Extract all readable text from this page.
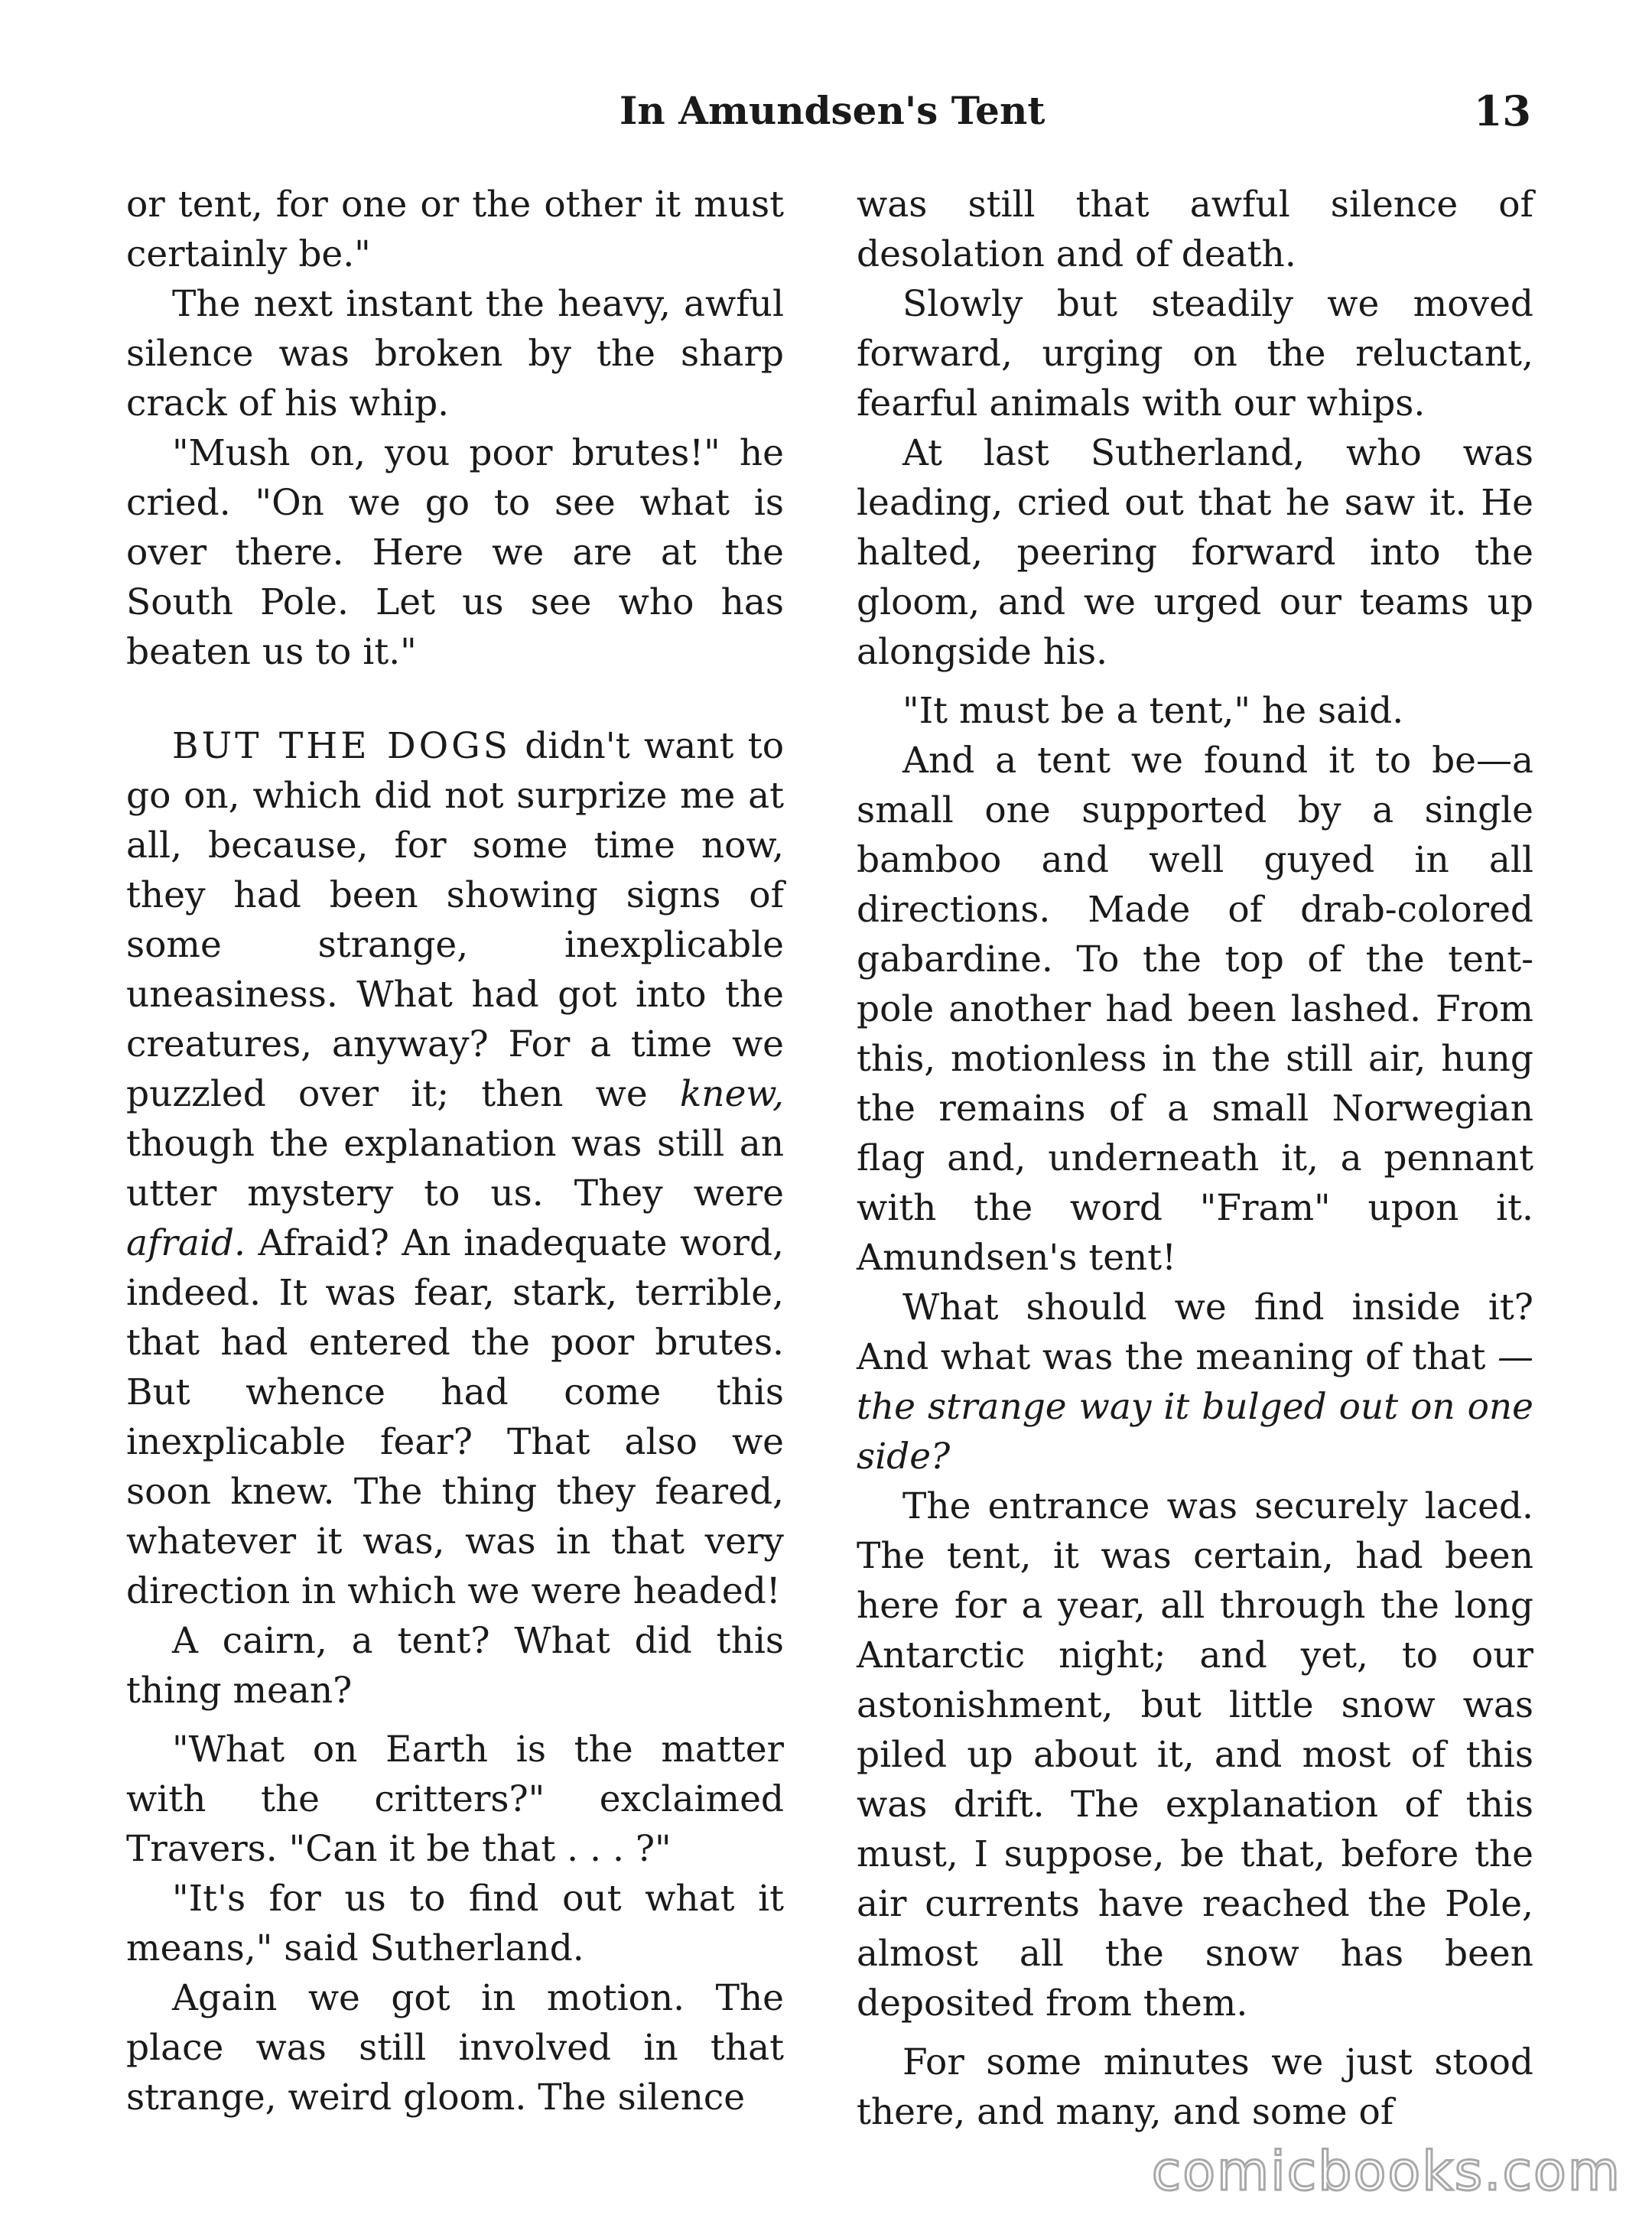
In Amundsen's Tent	13

or tent, for one or the other it must certainly be."

The next instant the heavy, awful silence was broken by the sharp crack of his whip.

"Mush on, you poor brutes!" he cried. "On we go to see what is over there. Here we are at the South Pole. Let us see who has beaten us to it."

BUT THE DOGS didn't want to go on, which did not surprize me at all, because, for some time now, they had been showing signs of some strange, inexplicable uneasiness. What had got into the creatures, anyway? For a time we puzzled over it; then we knew, though the explanation was still an utter mystery to us. They were afraid. Afraid? An inadequate word, indeed. It was fear, stark, terrible, that had entered the poor brutes. But whence had come this inexplicable fear? That also we soon knew. The thing they feared, whatever it was, was in that very direction in which we were headed!

A cairn, a tent? What did this thing mean?

"What on Earth is the matter with the critters?" exclaimed Travers. "Can it be that . . . ?"

"It's for us to find out what it means," said Sutherland.

Again we got in motion. The place was still involved in that strange, weird gloom. The silence

was still that awful silence of desolation and of death.

Slowly but steadily we moved forward, urging on the reluctant, fearful animals with our whips.

At last Sutherland, who was leading, cried out that he saw it. He halted, peering forward into the gloom, and we urged our teams up alongside his.

"It must be a tent," he said.

And a tent we found it to be—a small one supported by a single bamboo and well guyed in all directions. Made of drab-colored gabardine. To the top of the tent-pole another had been lashed. From this, motionless in the still air, hung the remains of a small Norwegian flag and, underneath it, a pennant with the word "Fram" upon it. Amundsen's tent!

What should we find inside it? And what was the meaning of that —the strange way it bulged out on one side?

The entrance was securely laced. The tent, it was certain, had been here for a year, all through the long Antarctic night; and yet, to our astonishment, but little snow was piled up about it, and most of this was drift. The explanation of this must, I suppose, be that, before the air currents have reached the Pole, almost all the snow has been deposited from them.

For some minutes we just stood there, and many, and some of

comicbooks.com
